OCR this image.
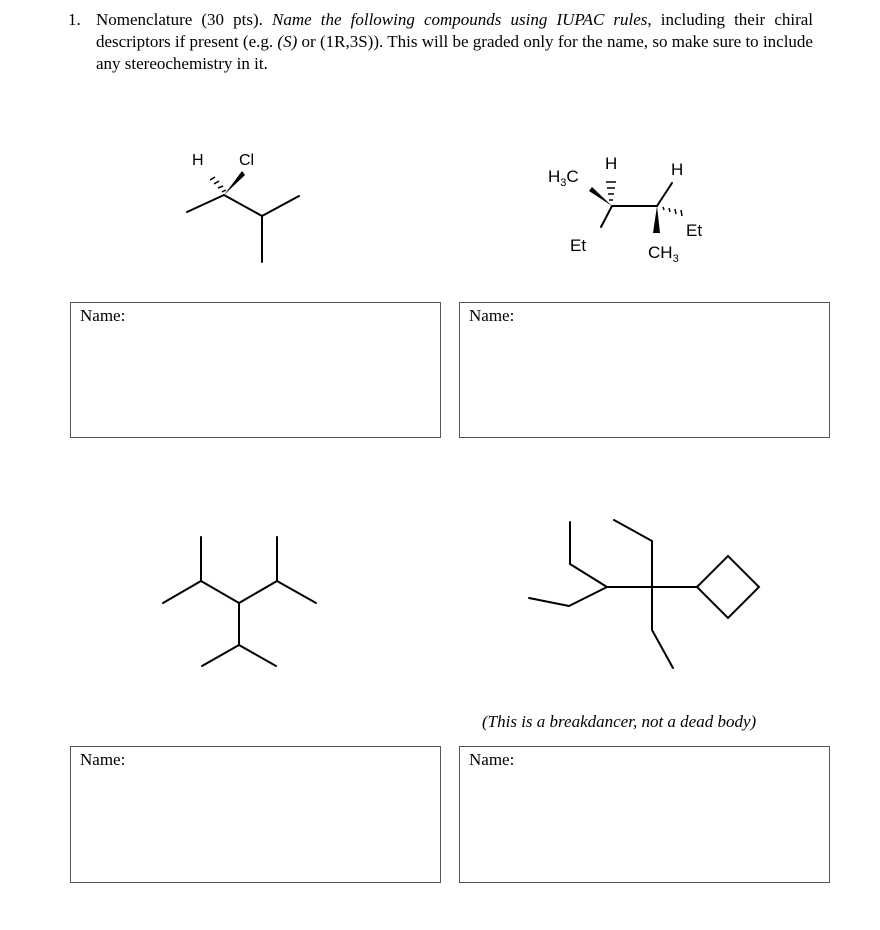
1. Nomenclature (30 pts). Name the following compounds using IUPAC rules, including their chiral descriptors if present (e.g. (S) or (1R,3S)). This will be graded only for the name, so make sure to include any stereochemistry in it.
H Cl
$H_3C$
H	H
Et
Et
$CH_3$
Name:	Name:
(This is a breakdancer, not a dead body)
Name:	Name:
